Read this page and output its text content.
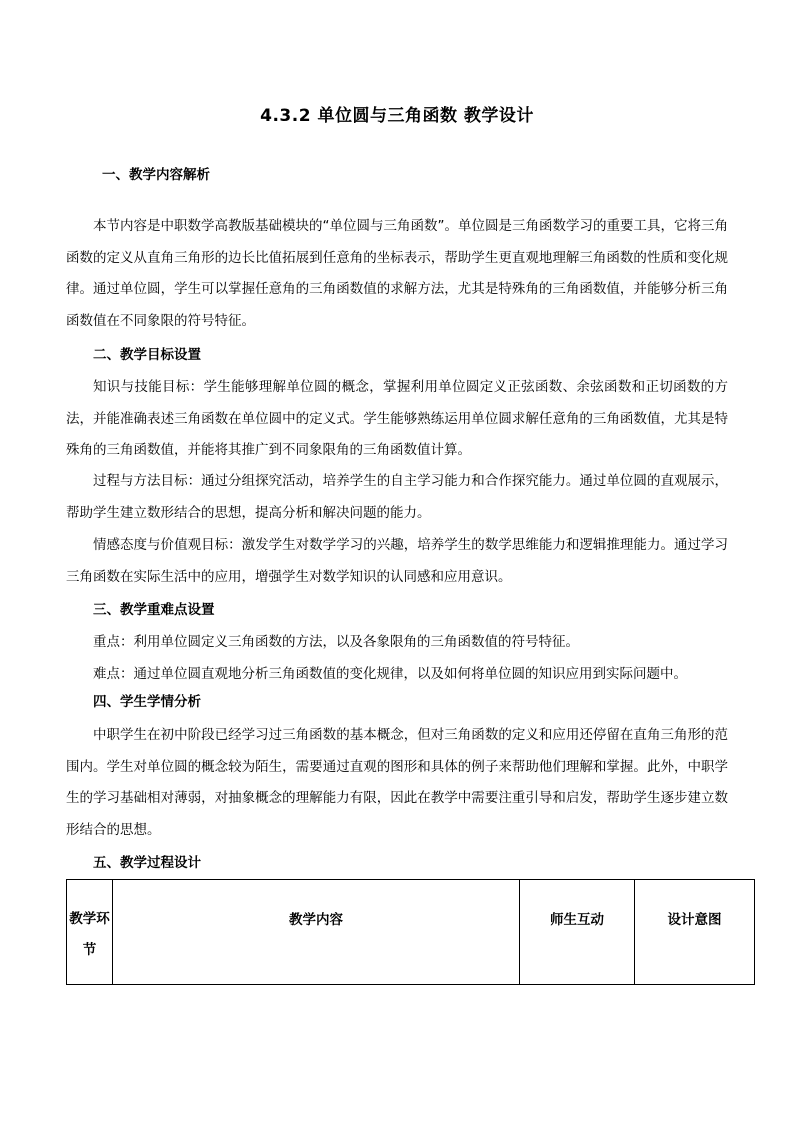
4.3.2 单位圆与三角函数 教学设计
一、教学内容解析
本节内容是中职数学高教版基础模块的“单位圆与三角函数”。单位圆是三角函数学习的重要工具，它将三角函数的定义从直角三角形的边长比值拓展到任意角的坐标表示，帮助学生更直观地理解三角函数的性质和变化规律。通过单位圆，学生可以掌握任意角的三角函数值的求解方法，尤其是特殊角的三角函数值，并能够分析三角函数值在不同象限的符号特征。
二、教学目标设置
知识与技能目标：学生能够理解单位圆的概念，掌握利用单位圆定义正弦函数、余弦函数和正切函数的方法，并能准确表述三角函数在单位圆中的定义式。学生能够熟练运用单位圆求解任意角的三角函数值，尤其是特殊角的三角函数值，并能将其推广到不同象限角的三角函数值计算。
过程与方法目标：通过分组探究活动，培养学生的自主学习能力和合作探究能力。通过单位圆的直观展示，帮助学生建立数形结合的思想，提高分析和解决问题的能力。
情感态度与价值观目标：激发学生对数学学习的兴趣，培养学生的数学思维能力和逻辑推理能力。通过学习三角函数在实际生活中的应用，增强学生对数学知识的认同感和应用意识。
三、教学重难点设置
重点：利用单位圆定义三角函数的方法，以及各象限角的三角函数值的符号特征。
难点：通过单位圆直观地分析三角函数值的变化规律，以及如何将单位圆的知识应用到实际问题中。
四、学生学情分析
中职学生在初中阶段已经学习过三角函数的基本概念，但对三角函数的定义和应用还停留在直角三角形的范围内。学生对单位圆的概念较为陌生，需要通过直观的图形和具体的例子来帮助他们理解和掌握。此外，中职学生的学习基础相对薄弱，对抽象概念的理解能力有限，因此在教学中需要注重引导和启发，帮助学生逐步建立数形结合的思想。
五、教学过程设计
教学环节	教学内容	师生互动	设计意图
